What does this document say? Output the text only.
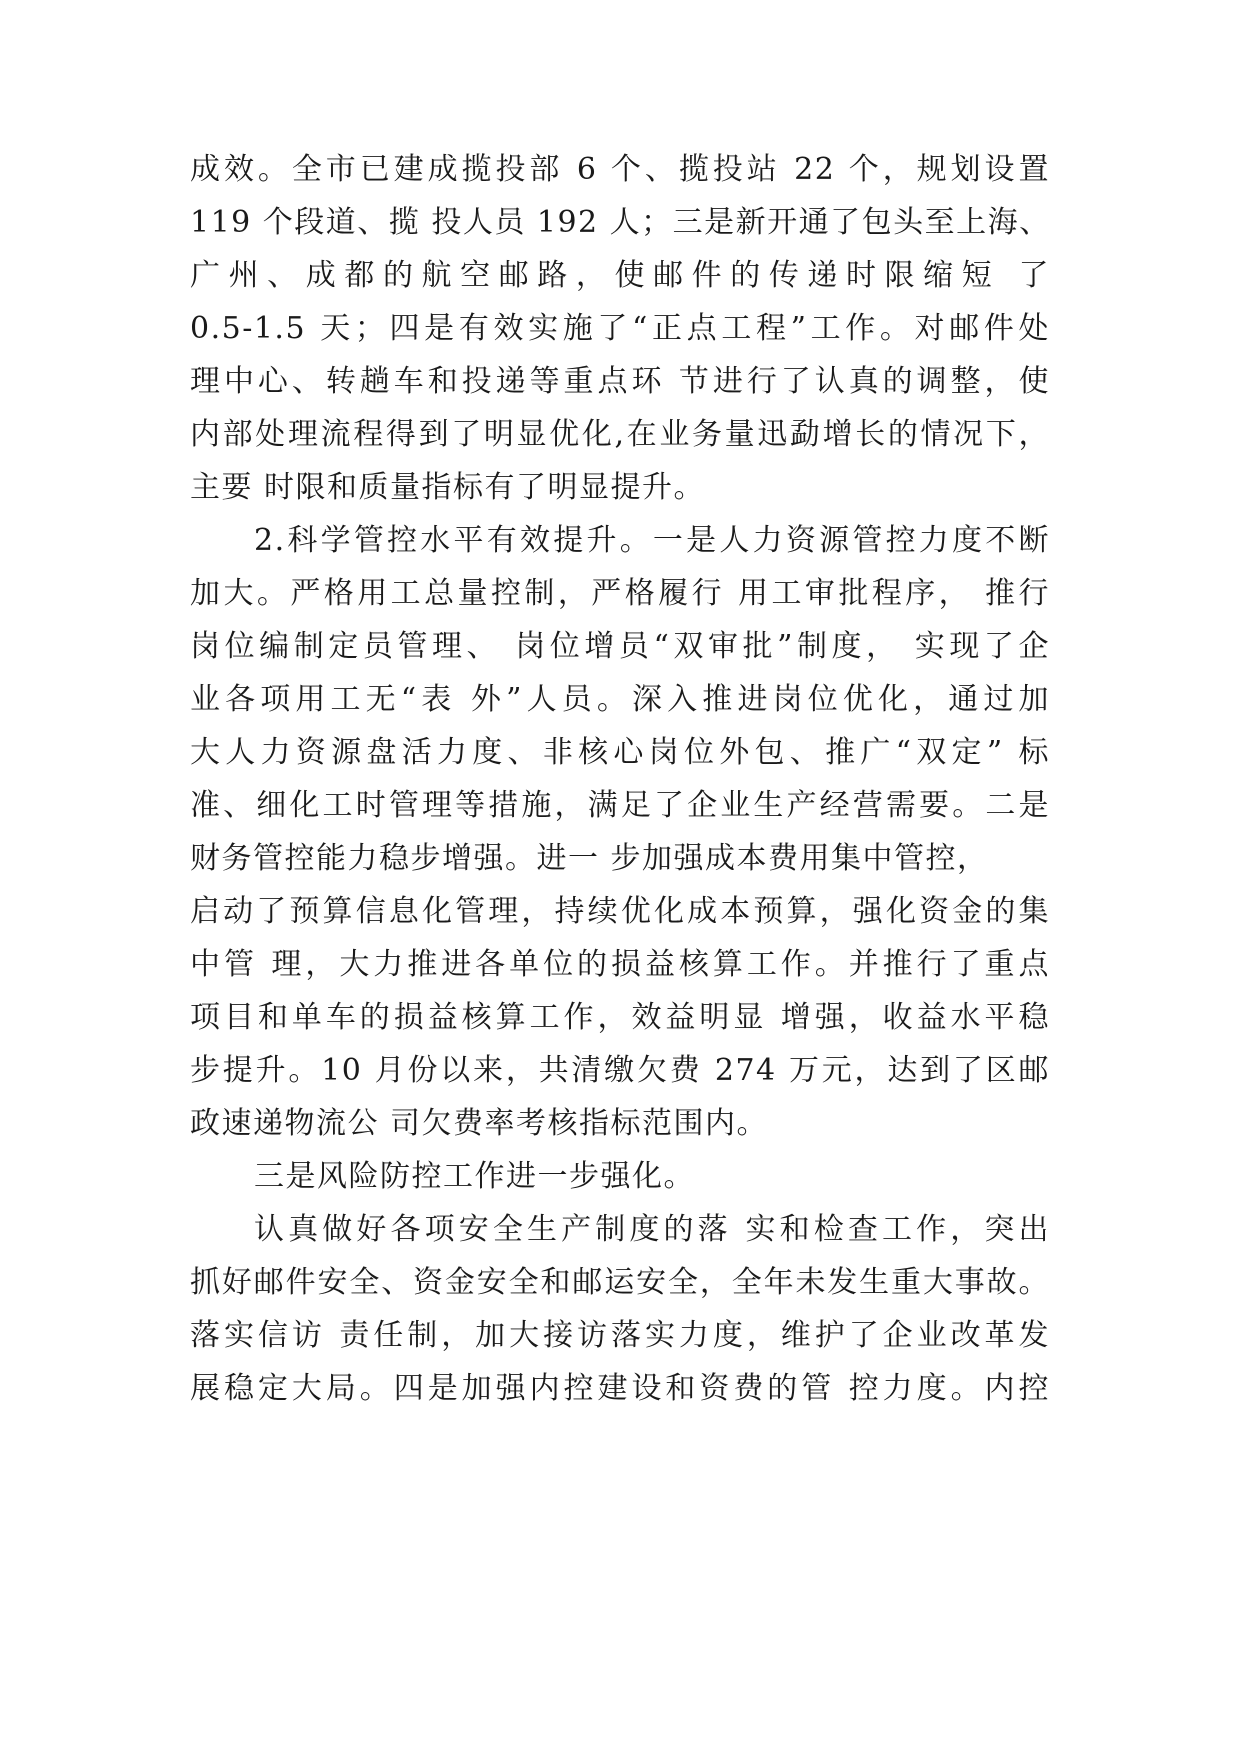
成效。全市已建成揽投部 6 个、揽投站 22 个，规划设置
119 个段道、揽 投人员 192 人；三是新开通了包头至上海、
广州、成都的航空邮路，使邮件的传递时限缩短 了
0.5-1.5 天；四是有效实施了“正点工程”工作。对邮件处
理中心、转趟车和投递等重点环 节进行了认真的调整，使
内部处理流程得到了明显优化,在业务量迅勐增长的情况下，
主要 时限和质量指标有了明显提升。
2.科学管控水平有效提升。一是人力资源管控力度不断
加大。严格用工总量控制，严格履行 用工审批程序， 推行
岗位编制定员管理、 岗位增员“双审批”制度， 实现了企
业各项用工无“表 外”人员。深入推进岗位优化，通过加
大人力资源盘活力度、非核心岗位外包、推广“双定” 标
准、细化工时管理等措施，满足了企业生产经营需要。二是
财务管控能力稳步增强。进一 步加强成本费用集中管控，
启动了预算信息化管理，持续优化成本预算，强化资金的集
中管 理，大力推进各单位的损益核算工作。并推行了重点
项目和单车的损益核算工作，效益明显 增强，收益水平稳
步提升。10 月份以来，共清缴欠费 274 万元，达到了区邮
政速递物流公 司欠费率考核指标范围内。
三是风险防控工作进一步强化。
认真做好各项安全生产制度的落 实和检查工作，突出
抓好邮件安全、资金安全和邮运安全，全年未发生重大事故。
落实信访 责任制，加大接访落实力度，维护了企业改革发
展稳定大局。四是加强内控建设和资费的管 控力度。内控
